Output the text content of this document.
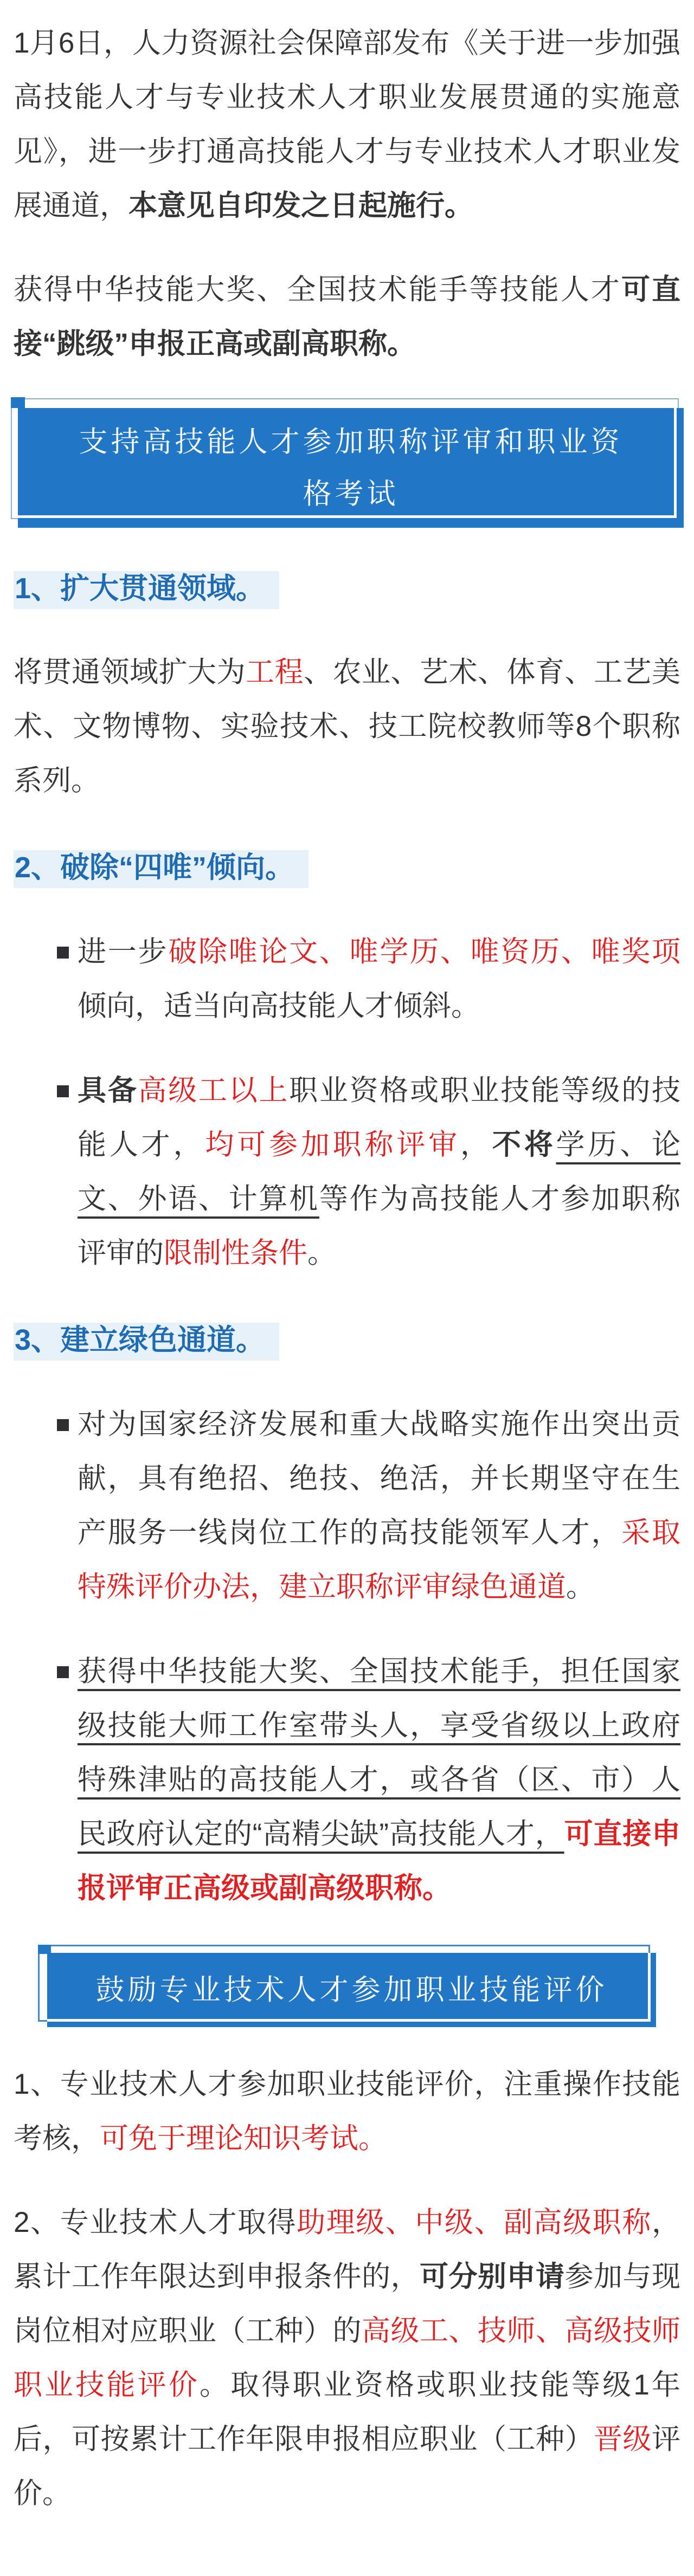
1月6日，人力资源社会保障部发布《关于进一步加强高技能人才与专业技术人才职业发展贯通的实施意见》，进一步打通高技能人才与专业技术人才职业发展通道，本意见自印发之日起施行。

获得中华技能大奖、全国技术能手等技能人才可直接“跳级”申报正高或副高职称。

支持高技能人才参加职称评审和职业资格考试
1、扩大贯通领域。

将贯通领域扩大为工程、农业、艺术、体育、工艺美术、文物博物、实验技术、技工院校教师等8个职称系列。

2、破除“四唯”倾向。
进一步破除唯论文、唯学历、唯资历、唯奖项倾向，适当向高技能人才倾斜。
具备高级工以上职业资格或职业技能等级的技能人才，均可参加职称评审，不将学历、论文、外语、计算机等作为高技能人才参加职称评审的限制性条件。
3、建立绿色通道。
对为国家经济发展和重大战略实施作出突出贡献，具有绝招、绝技、绝活，并长期坚守在生产服务一线岗位工作的高技能领军人才，采取特殊评价办法，建立职称评审绿色通道。
获得中华技能大奖、全国技术能手，担任国家级技能大师工作室带头人，享受省级以上政府特殊津贴的高技能人才，或各省（区、市）人民政府认定的“高精尖缺”高技能人才，可直接申报评审正高级或副高级职称。
鼓励专业技术人才参加职业技能评价

1、专业技术人才参加职业技能评价，注重操作技能考核，可免于理论知识考试。

2、专业技术人才取得助理级、中级、副高级职称，累计工作年限达到申报条件的，可分别申请参加与现岗位相对应职业（工种）的高级工、技师、高级技师职业技能评价。取得职业资格或职业技能等级1年后，可按累计工作年限申报相应职业（工种）晋级评价。
